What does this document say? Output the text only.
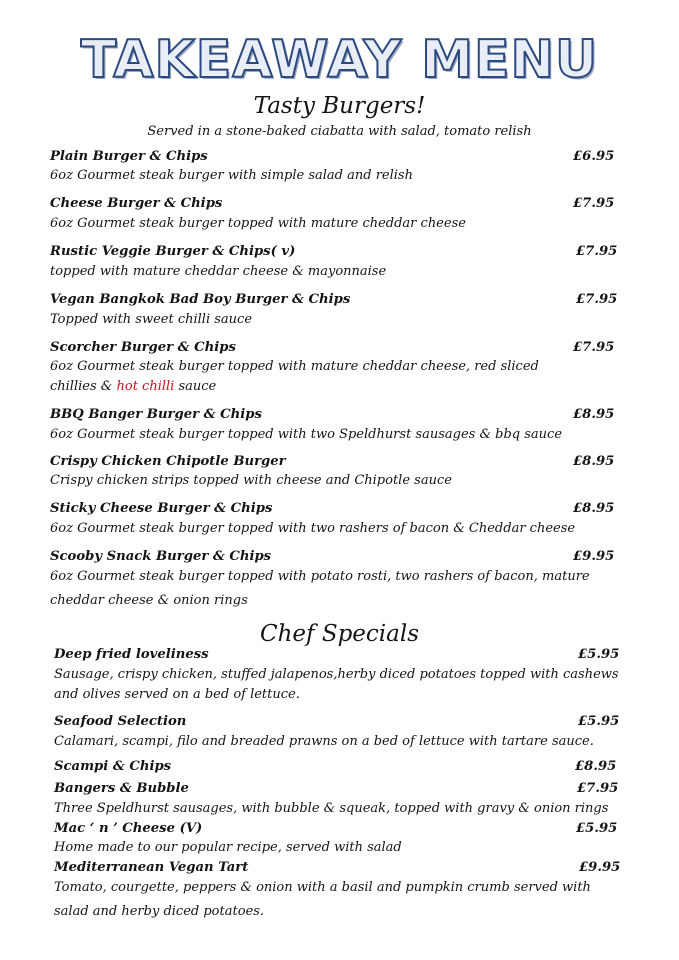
TAKEAWAY MENU
Tasty Burgers!
Served in a stone-baked ciabatta with salad, tomato relish
Plain Burger & Chips	£6.95
6oz Gourmet steak burger with simple salad and relish
Cheese Burger & Chips	£7.95
6oz Gourmet steak burger topped with mature cheddar cheese
Rustic Veggie Burger & Chips( v)	£7.95
topped with mature cheddar cheese & mayonnaise
Vegan Bangkok Bad Boy Burger & Chips	£7.95
Topped with sweet chilli sauce
Scorcher Burger & Chips	£7.95
6oz Gourmet steak burger topped with mature cheddar cheese, red sliced
chillies & hot chilli sauce
BBQ Banger Burger & Chips	£8.95
6oz Gourmet steak burger topped with two Speldhurst sausages & bbq sauce
Crispy Chicken Chipotle Burger	£8.95
Crispy chicken strips topped with cheese and Chipotle sauce
Sticky Cheese Burger & Chips	£8.95
6oz Gourmet steak burger topped with two rashers of bacon & Cheddar cheese
Scooby Snack Burger & Chips	£9.95
6oz Gourmet steak burger topped with potato rosti, two rashers of bacon, mature
cheddar cheese & onion rings
Chef Specials
Deep fried loveliness	£5.95
Sausage, crispy chicken, stuffed jalapenos,herby diced potatoes topped with cashews
and olives served on a bed of lettuce.
Seafood Selection	£5.95
Calamari, scampi, filo and breaded prawns on a bed of lettuce with tartare sauce.
Scampi & Chips	£8.95
Bangers & Bubble	£7.95
Three Speldhurst sausages, with bubble & squeak, topped with gravy & onion rings
Mac ‘ n ’ Cheese (V)	£5.95
Home made to our popular recipe, served with salad
Mediterranean Vegan Tart	£9.95
Tomato, courgette, peppers & onion with a basil and pumpkin crumb served with
salad and herby diced potatoes.
